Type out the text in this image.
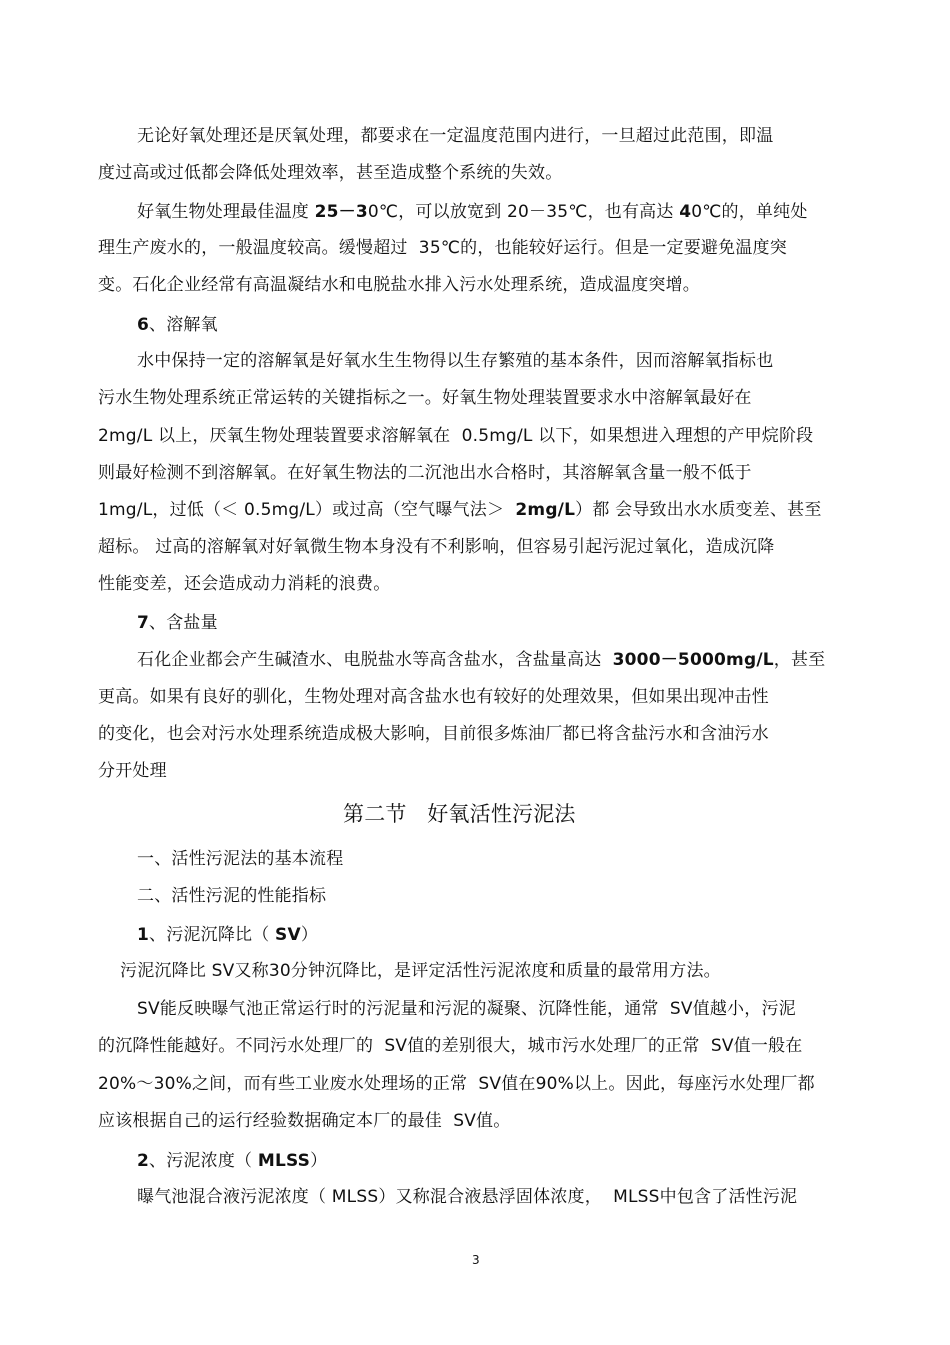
无论好氧处理还是厌氧处理，都要求在一定温度范围内进行，一旦超过此范围，即温
度过高或过低都会降低处理效率，甚至造成整个系统的失效。
好氧生物处理最佳温度 25－30℃，可以放宽到 20－35℃，也有高达 40℃的，单纯处
理生产废水的，一般温度较高。缓慢超过  35℃的，也能较好运行。但是一定要避免温度突
变。石化企业经常有高温凝结水和电脱盐水排入污水处理系统，造成温度突增。
6、溶解氧
水中保持一定的溶解氧是好氧水生生物得以生存繁殖的基本条件，因而溶解氧指标也
污水生物处理系统正常运转的关键指标之一。好氧生物处理装置要求水中溶解氧最好在
2mg/L 以上，厌氧生物处理装置要求溶解氧在  0.5mg/L 以下，如果想进入理想的产甲烷阶段
则最好检测不到溶解氧。在好氧生物法的二沉池出水合格时，其溶解氧含量一般不低于
1mg/L，过低（＜ 0.5mg/L）或过高（空气曝气法＞  2mg/L）都 会导致出水水质变差、甚至
超标。 过高的溶解氧对好氧微生物本身没有不利影响，但容易引起污泥过氧化，造成沉降
性能变差，还会造成动力消耗的浪费。
7、含盐量
石化企业都会产生碱渣水、电脱盐水等高含盐水，含盐量高达  3000－5000mg/L，甚至
更高。如果有良好的驯化，生物处理对高含盐水也有较好的处理效果，但如果出现冲击性
的变化，也会对污水处理系统造成极大影响，目前很多炼油厂都已将含盐污水和含油污水
分开处理
第二节   好氧活性污泥法
一、活性污泥法的基本流程
二、活性污泥的性能指标
1、污泥沉降比（ SV）
污泥沉降比 SV又称30分钟沉降比，是评定活性污泥浓度和质量的最常用方法。
SV能反映曝气池正常运行时的污泥量和污泥的凝聚、沉降性能，通常  SV值越小，污泥
的沉降性能越好。不同污水处理厂的  SV值的差别很大，城市污水处理厂的正常  SV值一般在
20%～30%之间，而有些工业废水处理场的正常  SV值在90%以上。因此，每座污水处理厂都
应该根据自己的运行经验数据确定本厂的最佳  SV值。
2、污泥浓度（ MLSS）
曝气池混合液污泥浓度（ MLSS）又称混合液悬浮固体浓度，  MLSS中包含了活性污泥
3
